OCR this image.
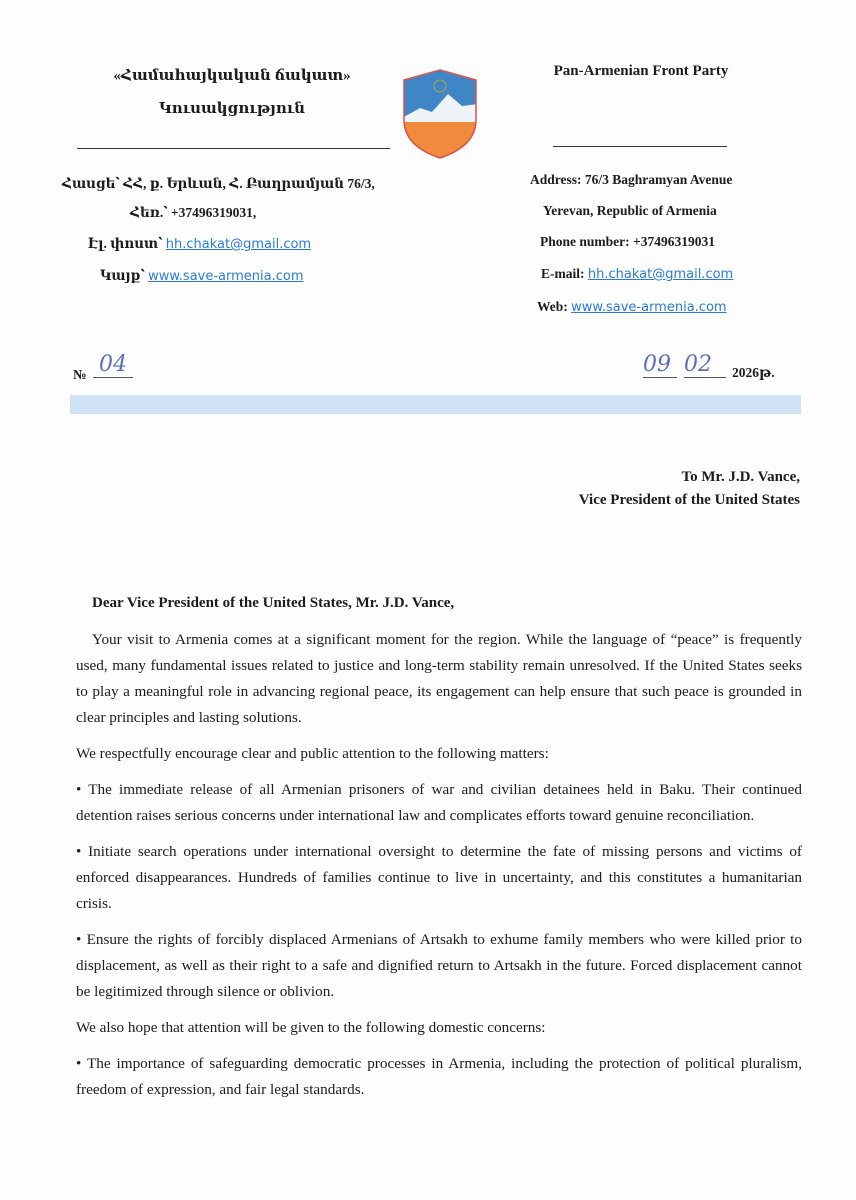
«Համահայկական ճակատ»
Կուսակցություն
Հասցե՝ ՀՀ, ք. Երևան, Հ. Բաղրամյան 76/3,
Հեռ.՝ +37496319031,
Էլ. փոստ՝ hh.chakat@gmail.com
Կայք՝ www.save-armenia.com
Pan-Armenian Front Party
Address: 76/3 Baghramyan Avenue
Yerevan, Republic of Armenia
Phone number: +37496319031
E-mail: hh.chakat@gmail.com
Web: www.save-armenia.com
№ 04	09 02	2026թ.
To Mr. J.D. Vance,
Vice President of the United States
Dear Vice President of the United States, Mr. J.D. Vance,

Your visit to Armenia comes at a significant moment for the region. While the language of “peace” is frequently used, many fundamental issues related to justice and long-term stability remain unresolved. If the United States seeks to play a meaningful role in advancing regional peace, its engagement can help ensure that such peace is grounded in clear principles and lasting solutions.

We respectfully encourage clear and public attention to the following matters:

• The immediate release of all Armenian prisoners of war and civilian detainees held in Baku. Their continued detention raises serious concerns under international law and complicates efforts toward genuine reconciliation.

• Initiate search operations under international oversight to determine the fate of missing persons and victims of enforced disappearances. Hundreds of families continue to live in uncertainty, and this constitutes a humanitarian crisis.

• Ensure the rights of forcibly displaced Armenians of Artsakh to exhume family members who were killed prior to displacement, as well as their right to a safe and dignified return to Artsakh in the future. Forced displacement cannot be legitimized through silence or oblivion.

We also hope that attention will be given to the following domestic concerns:

• The importance of safeguarding democratic processes in Armenia, including the protection of political pluralism, freedom of expression, and fair legal standards.
